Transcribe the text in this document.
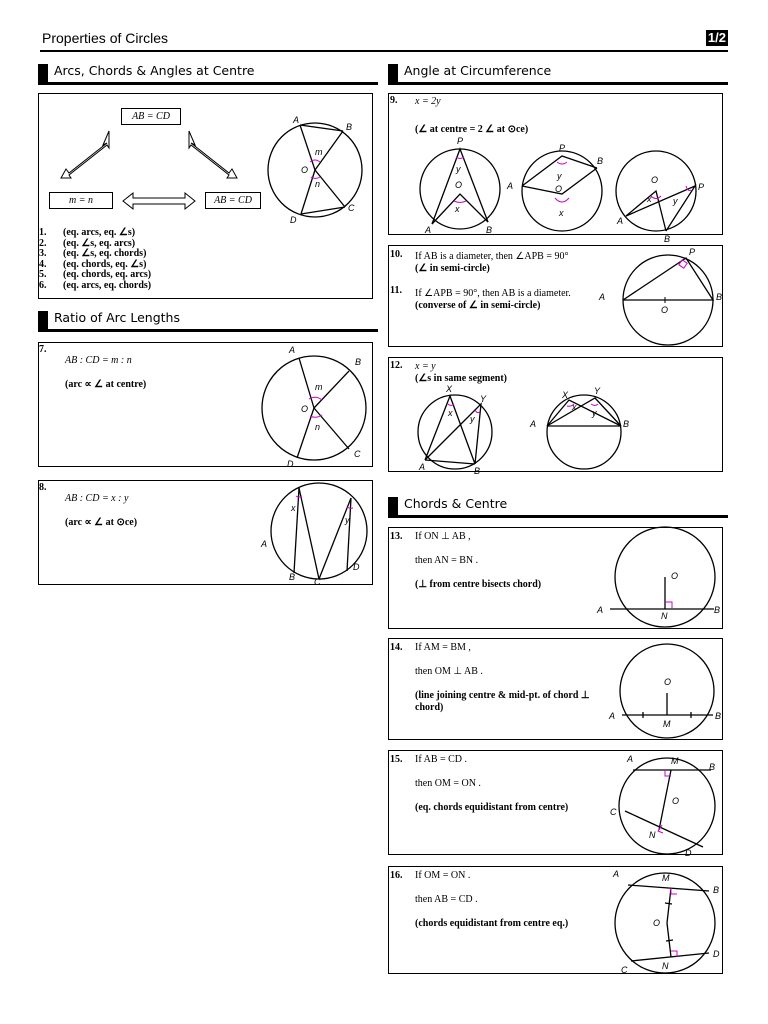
Properties of Circles	1/2
Arcs, Chords & Angles at Centre
Ratio of Arc Lengths
Angle at Circumference
Chords & Centre
AB = CD
m = n	AB = CD
A
B
O
m
n
C
D
1. (eq. arcs, eq. ∠s)
2. (eq. ∠s, eq. arcs)
3. (eq. ∠s, eq. chords)
4. (eq. chords, eq. ∠s)
5. (eq. chords, eq. arcs)
6. (eq. arcs, eq. chords)
7.
AB : CD = m : n
(arc ∝ ∠ at centre)
A
B
O
m
n
C
D
8.
AB : CD = x : y
(arc ∝ ∠ at ⊙ce)
x
y
A
B C
D
9. x = 2y
(∠ at centre = 2 ∠ at ⊙ce)
P
y
O
x
A	B
P
y
O
x
A
B
O
x y
P
A
B
10. If AB is a diameter, then ∠APB = 90°
(∠ in semi-circle)
11. If ∠APB = 90°, then AB is a diameter.
(converse of ∠ in semi-circle)
P
A	B
O
12. x = y
(∠s in same segment)
X
x
Y
y
A	B
X	Y
x
y
A	B
13. If ON ⊥ AB ,
then AN = BN .
(⊥ from centre bisects chord)
O
A	B
N
14. If AM = BM ,
then OM ⊥ AB .
(line joining centre & mid-pt. of chord ⊥
chord)
O
A	B
M
15. If AB = CD .
then OM = ON .
(eq. chords equidistant from centre)
A	M
B
O
C
N
D
16. If OM = ON .
then AB = CD .
(chords equidistant from centre eq.)
A	M
B
O
D
C	N
